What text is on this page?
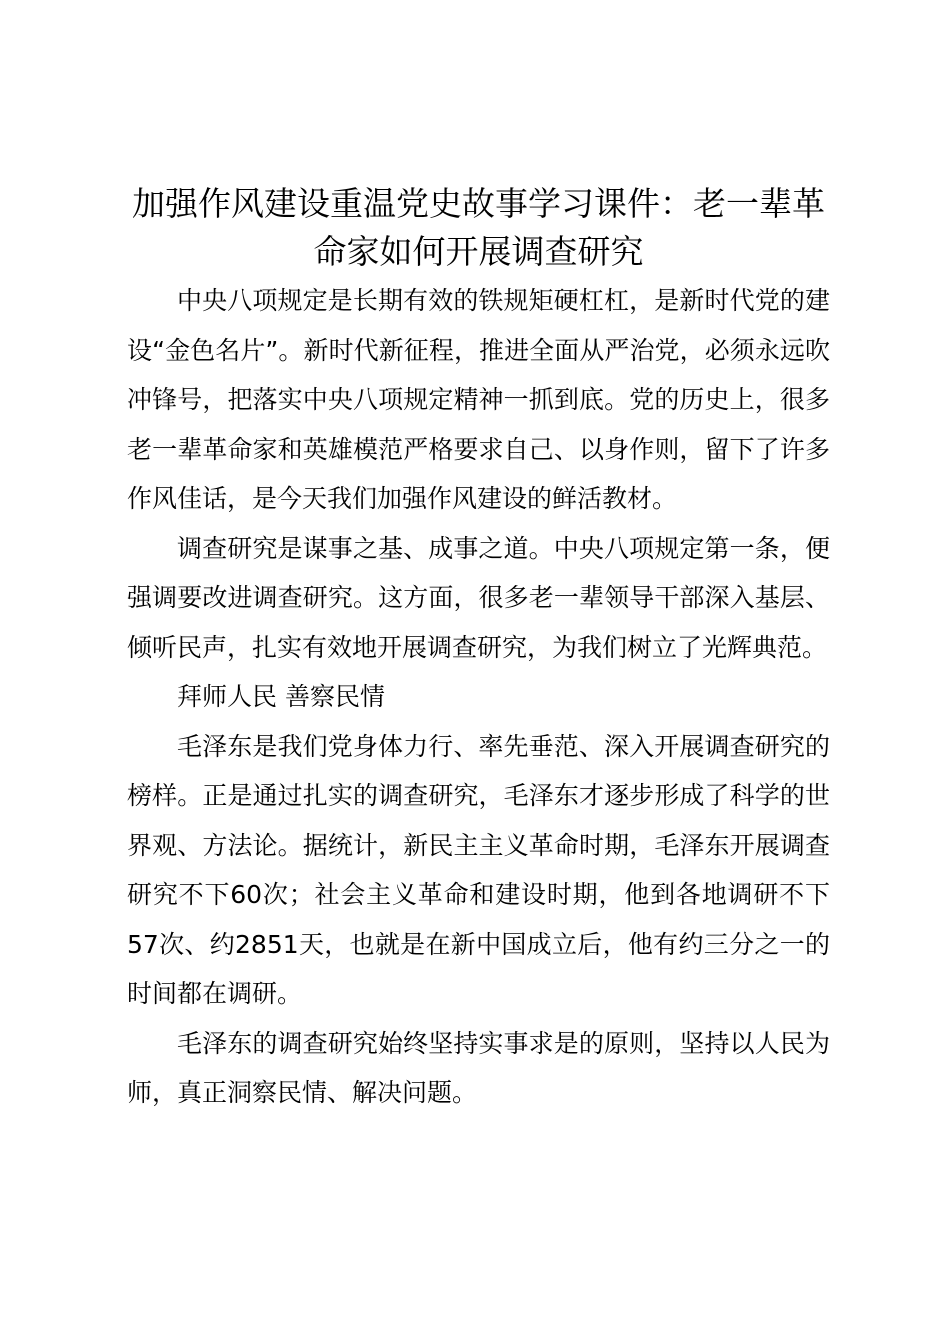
加强作风建设重温党史故事学习课件：老一辈革命家如何开展调查研究

中央八项规定是长期有效的铁规矩硬杠杠，是新时代党的建设“金色名片”。新时代新征程，推进全面从严治党，必须永远吹冲锋号，把落实中央八项规定精神一抓到底。党的历史上，很多老一辈革命家和英雄模范严格要求自己、以身作则，留下了许多作风佳话，是今天我们加强作风建设的鲜活教材。

调查研究是谋事之基、成事之道。中央八项规定第一条，便强调要改进调查研究。这方面，很多老一辈领导干部深入基层、倾听民声，扎实有效地开展调查研究，为我们树立了光辉典范。

拜师人民 善察民情

毛泽东是我们党身体力行、率先垂范、深入开展调查研究的榜样。正是通过扎实的调查研究，毛泽东才逐步形成了科学的世界观、方法论。据统计，新民主主义革命时期，毛泽东开展调查研究不下60次；社会主义革命和建设时期，他到各地调研不下57次、约2851天，也就是在新中国成立后，他有约三分之一的时间都在调研。

毛泽东的调查研究始终坚持实事求是的原则，坚持以人民为师，真正洞察民情、解决问题。
